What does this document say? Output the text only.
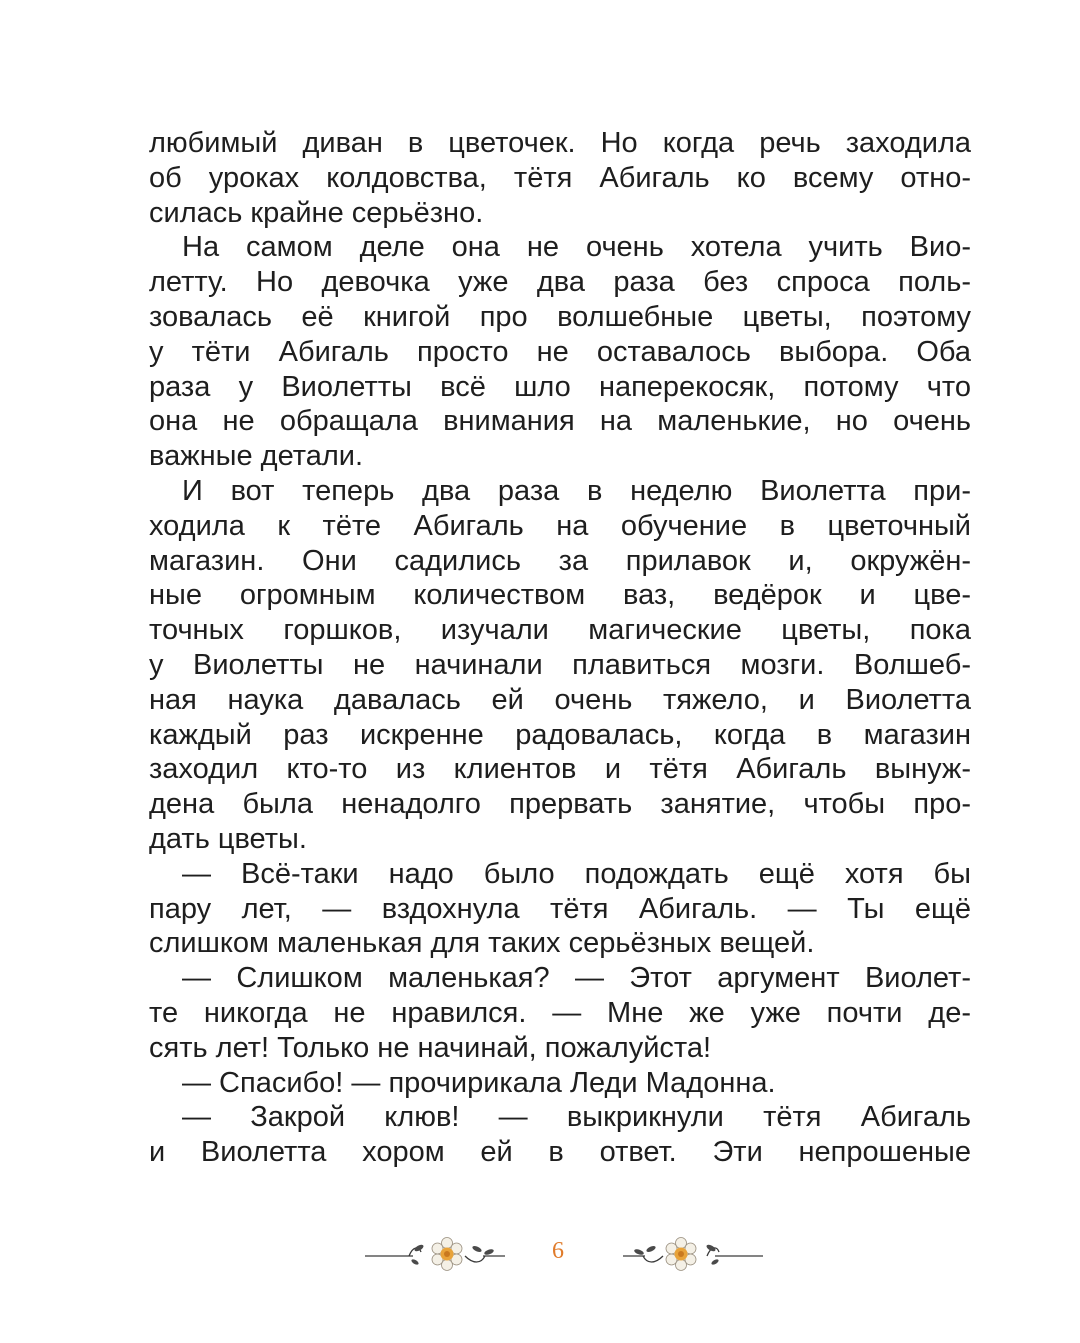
любимый диван в цветочек. Но когда речь заходила
об уроках колдовства, тётя Абигаль ко всему отно-
силась крайне серьёзно.
На самом деле она не очень хотела учить Вио-
летту. Но девочка уже два раза без спроса поль-
зовалась её книгой про волшебные цветы, поэтому
у тёти Абигаль просто не оставалось выбора. Оба
раза у Виолетты всё шло наперекосяк, потому что
она не обращала внимания на маленькие, но очень
важные детали.
И вот теперь два раза в неделю Виолетта при-
ходила к тёте Абигаль на обучение в цветочный
магазин. Они садились за прилавок и, окружён-
ные огромным количеством ваз, ведёрок и цве-
точных горшков, изучали магические цветы, пока
у Виолетты не начинали плавиться мозги. Волшеб-
ная наука давалась ей очень тяжело, и Виолетта
каждый раз искренне радовалась, когда в магазин
заходил кто-то из клиентов и тётя Абигаль вынуж-
дена была ненадолго прервать занятие, чтобы про-
дать цветы.
— Всё-таки надо было подождать ещё хотя бы
пару лет, — вздохнула тётя Абигаль. — Ты ещё
слишком маленькая для таких серьёзных вещей.
— Слишком маленькая? — Этот аргумент Виолет-
те никогда не нравился. — Мне же уже почти де-
сять лет! Только не начинай, пожалуйста!
— Спасибо! — прочирикала Леди Мадонна.
— Закрой клюв! — выкрикнули тётя Абигаль
и Виолетта хором ей в ответ. Эти непрошеные
6
